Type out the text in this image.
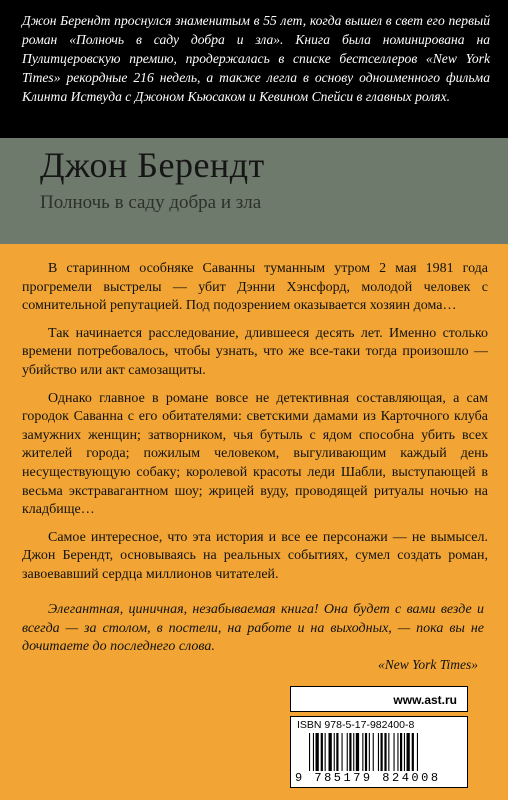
Джон Берендт проснулся знаменитым в 55 лет, когда вышел в свет его первый роман «Полночь в саду добра и зла». Книга была номинирована на Пулитцеровскую премию, продержалась в списке бестселлеров «New York Times» рекордные 216 недель, а также легла в основу одноименного фильма Клинта Иствуда с Джоном Кьюсаком и Кевином Спейси в главных ролях.

Джон Берендт
Полночь в саду добра и зла

В старинном особняке Саванны туманным утром 2 мая 1981 года прогремели выстрелы — убит Дэнни Хэнсфорд, молодой человек с сомнительной репутацией. Под подозрением оказывается хозяин дома…

Так начинается расследование, длившееся десять лет. Именно столько времени потребовалось, чтобы узнать, что же все-таки тогда произошло — убийство или акт самозащиты.

Однако главное в романе вовсе не детективная составляющая, а сам городок Саванна с его обитателями: светскими дамами из Карточного клуба замужних женщин; затворником, чья бутыль с ядом способна убить всех жителей города; пожилым человеком, выгуливающим каждый день несуществующую собаку; королевой красоты леди Шабли, выступающей в весьма экстравагантном шоу; жрицей вуду, проводящей ритуалы ночью на кладбище…

Самое интересное, что эта история и все ее персонажи — не вымысел. Джон Берендт, основываясь на реальных событиях, сумел создать роман, завоевавший сердца миллионов читателей.

Элегантная, циничная, незабываемая книга! Она будет с вами везде и всегда — за столом, в постели, на работе и на выходных, — пока вы не дочитаете до последнего слова.

«New York Times»
www.ast.ru
ISBN 978-5-17-982400-8
9 785179 824008
